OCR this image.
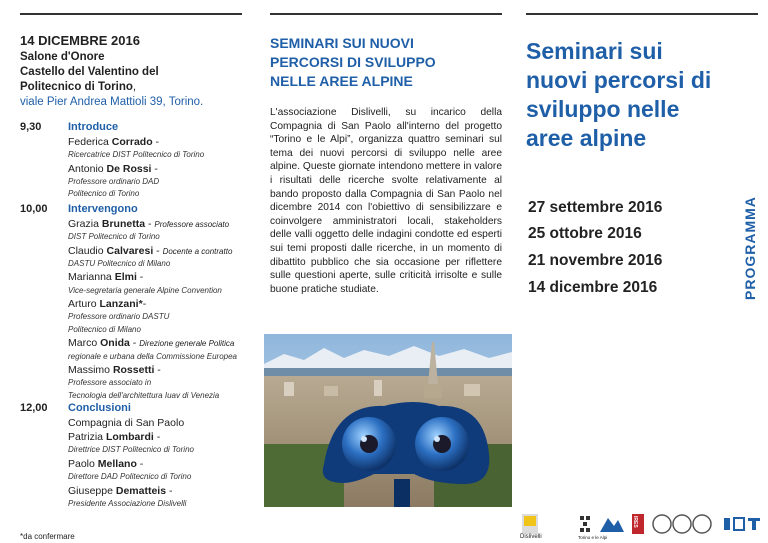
14 DICEMBRE 2016
Salone d'Onore
Castello del Valentino del
Politecnico di Torino,
viale Pier Andrea Mattioli 39, Torino.
9,30 Introduce
Federica Corrado -
Ricercatrice DIST Politecnico di Torino
Antonio De Rossi -
Professore ordinario DAD
Politecnico di Torino
10,00 Intervengono
Grazia Brunetta - Professore associato
DIST Politecnico di Torino
Claudio Calvaresi - Docente a contratto
DASTU Politecnico di Milano
Marianna Elmi -
Vice-segretaria generale Alpine Convention
Arturo Lanzani*-
Professore ordinario DASTU
Politecnico di Milano
Marco Onida - Direzione generale Politica
regionale e urbana della Commissione Europea
Massimo Rossetti -
Professore associato in
Tecnologia dell'architettura Iuav di Venezia
12,00 Conclusioni
Compagnia di San Paolo
Patrizia Lombardi -
Direttrice DIST Politecnico di Torino
Paolo Mellano -
Direttore DAD Politecnico di Torino
Giuseppe Dematteis -
Presidente Associazione Dislivelli
*da confermare
SEMINARI SUI NUOVI
PERCORSI DI SVILUPPO
NELLE AREE ALPINE
L'associazione Dislivelli, su incarico della Compagnia di San Paolo all'interno del progetto “Torino e le Alpi”, organizza quattro seminari sul tema dei nuovi percorsi di sviluppo nelle aree alpine. Queste giornate intendono mettere in valore i risultati delle ricerche svolte relativamente al bando proposto dalla Compagnia di San Paolo nel dicembre 2014 con l'obiettivo di sensibilizzare e coinvolgere amministratori locali, stakeholders delle valli oggetto delle indagini condotte ed esperti sui temi proposti dalle ricerche, in un momento di dibattito pubblico che sia occasione per riflettere sulle questioni aperte, sulle criticità irrisolte e sulle buone pratiche studiate.
Dislivelli	Torino e le Alpi
IRES
Seminari sui
nuovi percorsi di
sviluppo nelle
aree alpine
PROGRAMMA
27 settembre 2016
25 ottobre 2016
21 novembre 2016
14 dicembre 2016
